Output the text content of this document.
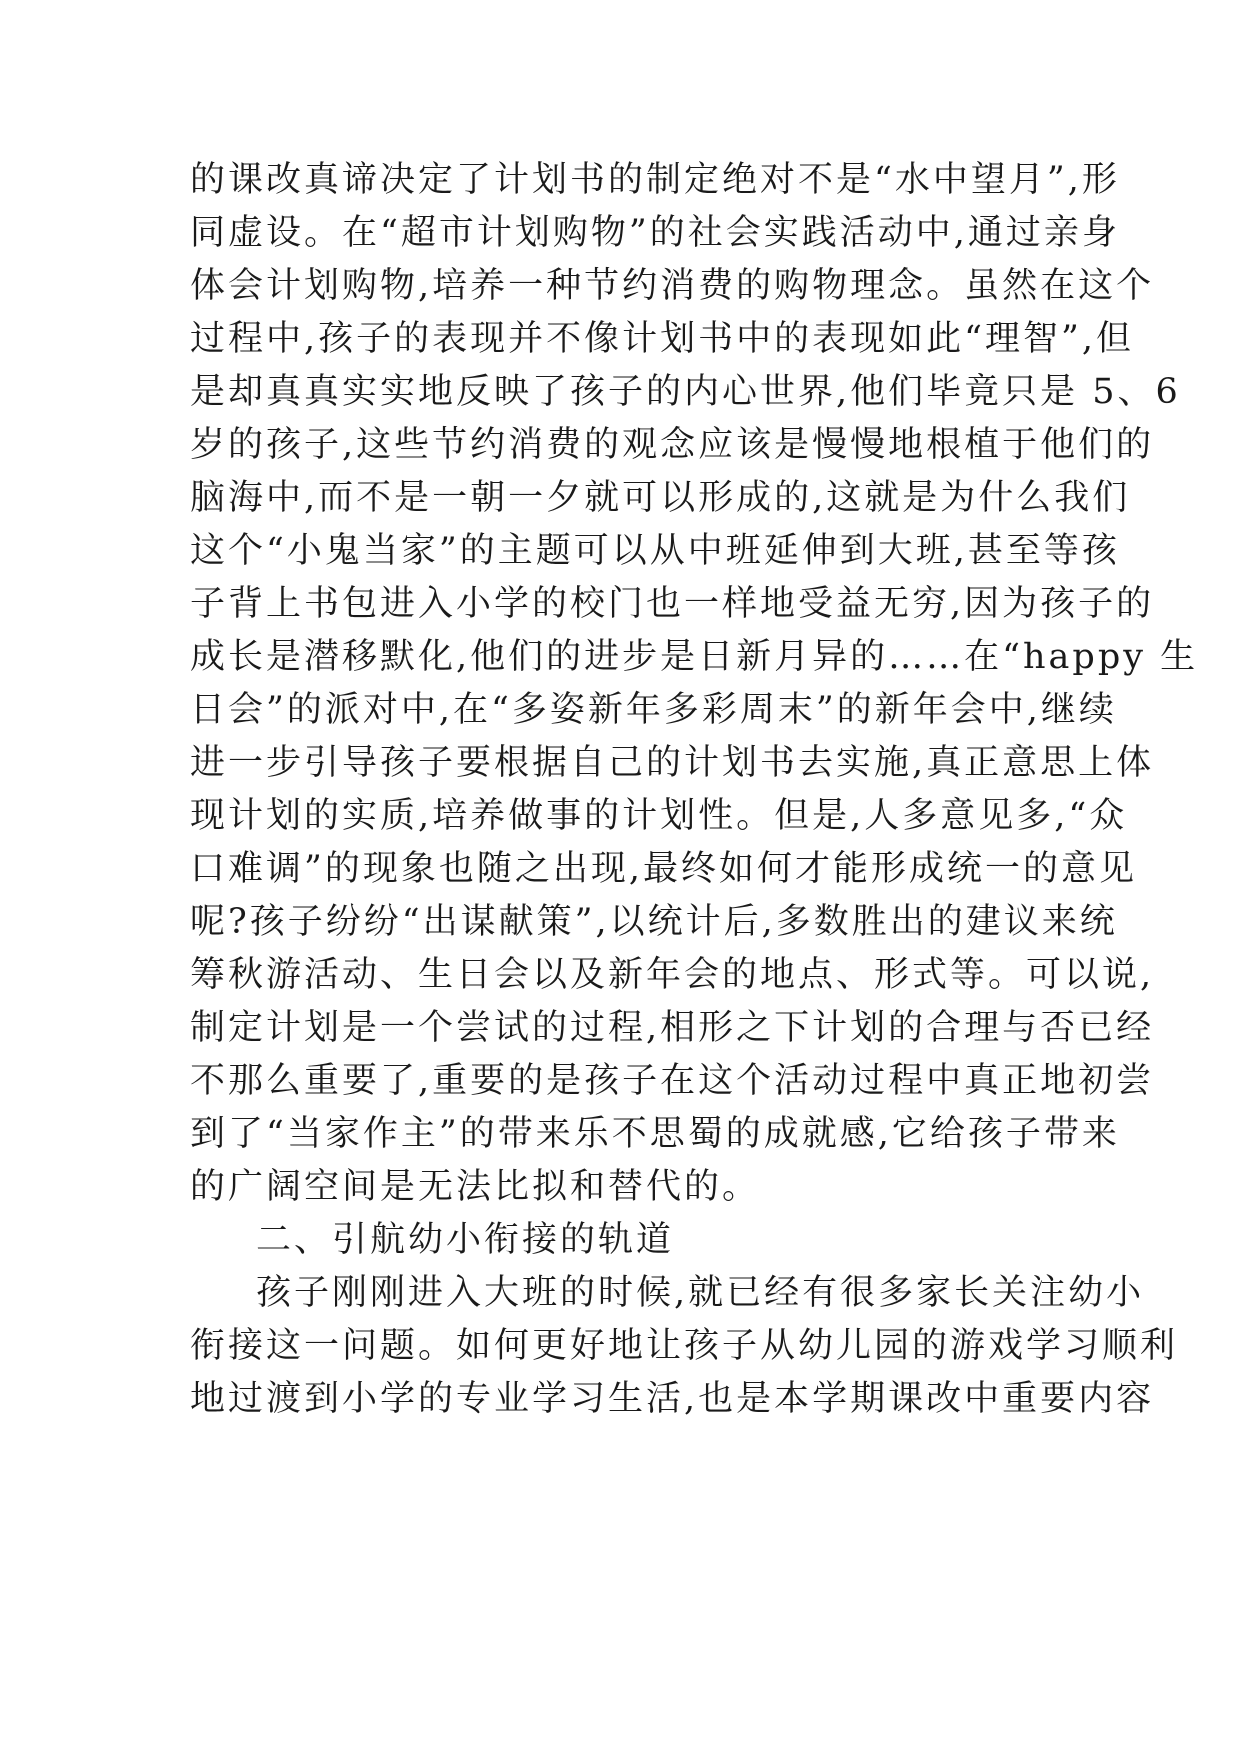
的课改真谛决定了计划书的制定绝对不是“水中望月”,形
同虚设。在“超市计划购物”的社会实践活动中,通过亲身
体会计划购物,培养一种节约消费的购物理念。虽然在这个
过程中,孩子的表现并不像计划书中的表现如此“理智”,但
是却真真实实地反映了孩子的内心世界,他们毕竟只是 5、6
岁的孩子,这些节约消费的观念应该是慢慢地根植于他们的
脑海中,而不是一朝一夕就可以形成的,这就是为什么我们
这个“小鬼当家”的主题可以从中班延伸到大班,甚至等孩
子背上书包进入小学的校门也一样地受益无穷,因为孩子的
成长是潜移默化,他们的进步是日新月异的……在“happy 生
日会”的派对中,在“多姿新年多彩周末”的新年会中,继续
进一步引导孩子要根据自己的计划书去实施,真正意思上体
现计划的实质,培养做事的计划性。但是,人多意见多,“众
口难调”的现象也随之出现,最终如何才能形成统一的意见
呢?孩子纷纷“出谋献策”,以统计后,多数胜出的建议来统
筹秋游活动、生日会以及新年会的地点、形式等。可以说,
制定计划是一个尝试的过程,相形之下计划的合理与否已经
不那么重要了,重要的是孩子在这个活动过程中真正地初尝
到了“当家作主”的带来乐不思蜀的成就感,它给孩子带来
的广阔空间是无法比拟和替代的。
二、引航幼小衔接的轨道
孩子刚刚进入大班的时候,就已经有很多家长关注幼小
衔接这一问题。如何更好地让孩子从幼儿园的游戏学习顺利
地过渡到小学的专业学习生活,也是本学期课改中重要内容
